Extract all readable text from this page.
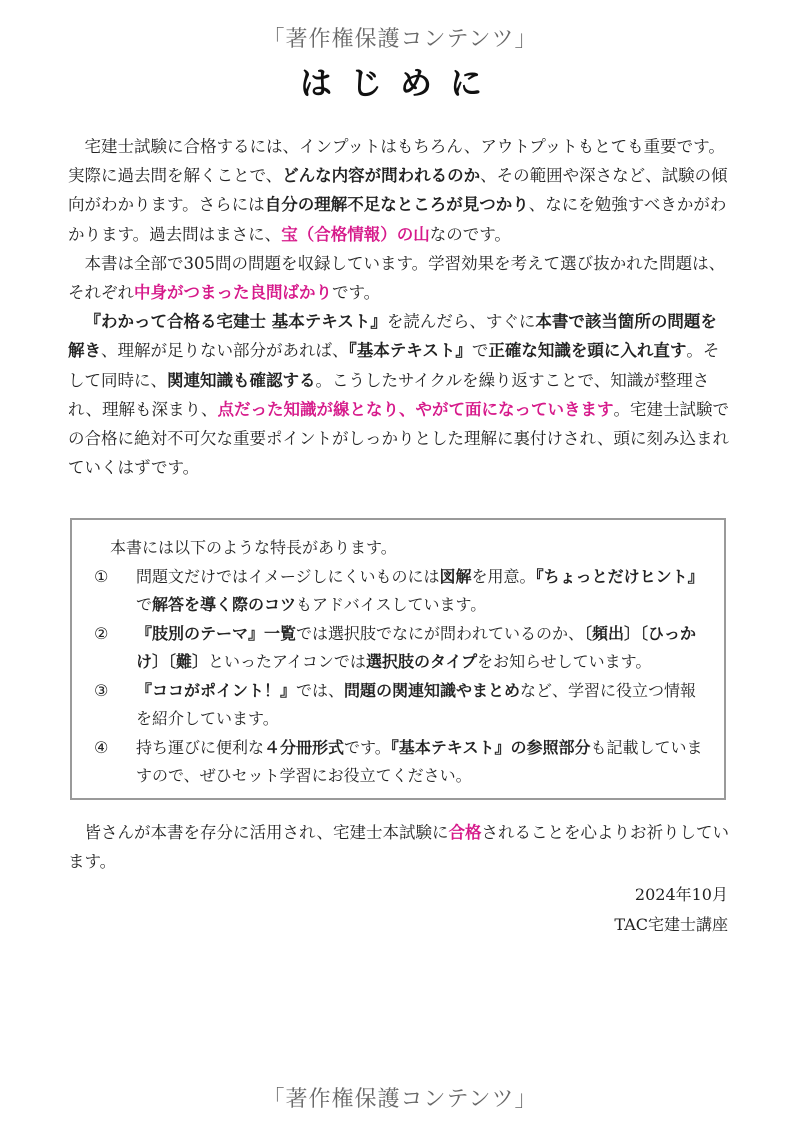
「著作権保護コンテンツ」
はじめに

宅建士試験に合格するには、インプットはもちろん、アウトプットもとても重要です。実際に過去問を解くことで、どんな内容が問われるのか、その範囲や深さなど、試験の傾向がわかります。さらには自分の理解不足なところが見つかり、なにを勉強すべきかがわかります。過去問はまさに、宝（合格情報）の山なのです。

本書は全部で305問の問題を収録しています。学習効果を考えて選び抜かれた問題は、それぞれ中身がつまった良問ばかりです。

『わかって合格る宅建士 基本テキスト』を読んだら、すぐに本書で該当箇所の問題を解き、理解が足りない部分があれば、『基本テキスト』で正確な知識を頭に入れ直す。そして同時に、関連知識も確認する。こうしたサイクルを繰り返すことで、知識が整理され、理解も深まり、点だった知識が線となり、やがて面になっていきます。宅建士試験での合格に絶対不可欠な重要ポイントがしっかりとした理解に裏付けされ、頭に刻み込まれていくはずです。

本書には以下のような特長があります。

① 問題文だけではイメージしにくいものには図解を用意。『ちょっとだけヒント』で解答を導く際のコツもアドバイスしています。

② 『肢別のテーマ』一覧では選択肢でなにが問われているのか、〔頻出〕〔ひっかけ〕〔難〕といったアイコンでは選択肢のタイプをお知らせしています。

③ 『ココがポイント！』では、問題の関連知識やまとめなど、学習に役立つ情報を紹介しています。

④ 持ち運びに便利な４分冊形式です。『基本テキスト』の参照部分も記載していますので、ぜひセット学習にお役立てください。

皆さんが本書を存分に活用され、宅建士本試験に合格されることを心よりお祈りしています。

2024年10月
TAC宅建士講座
「著作権保護コンテンツ」
